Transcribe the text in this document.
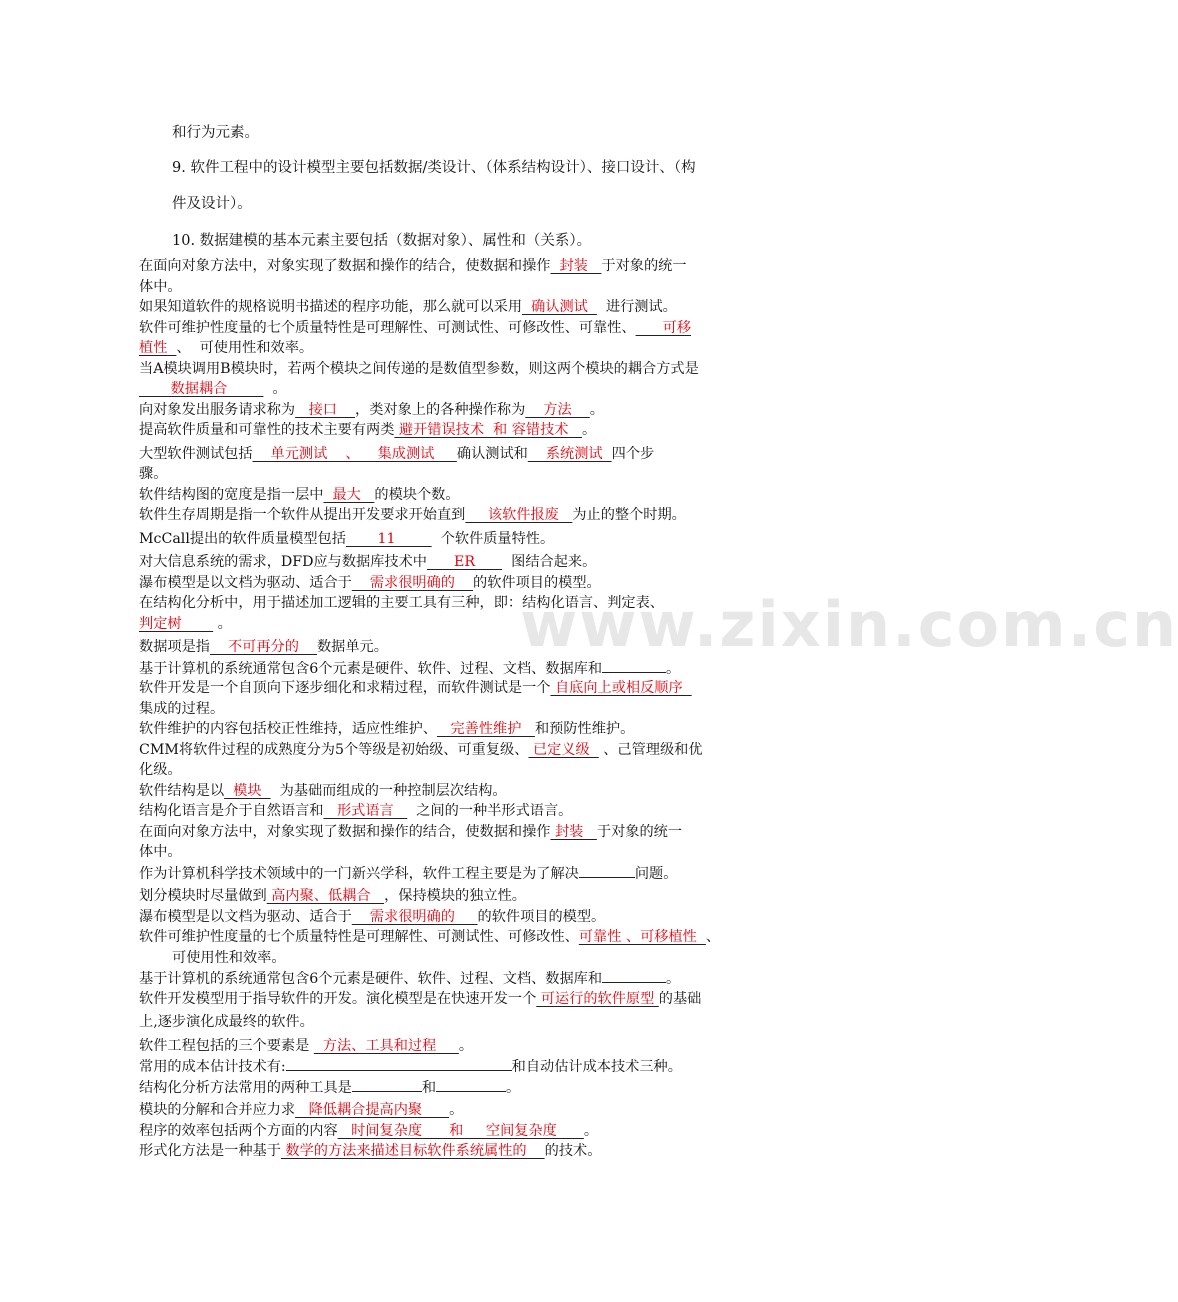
和行为元素。
9. 软件工程中的设计模型主要包括数据/类设计、（体系结构设计）、接口设计、（构
件及设计）。
10. 数据建模的基本元素主要包括（数据对象）、属性和（关系）。
www.zixin.com.cn
在面向对象方法中，对象实现了数据和操作的结合，使数据和操作  封装   于对象的统一
体中。
如果知道软件的规格说明书描述的程序功能，那么就可以采用  确认测试    进行测试。
软件可维护性度量的七个质量特性是可理解性、可测试性、可修改性、可靠性、      可移
植性  、  可使用性和效率。
当A模块调用B模块时，若两个模块之间传递的是数值型参数，则这两个模块的耦合方式是
数据耦合          。
向对象发出服务请求称为   接口    ，类对象上的各种操作称为    方法    。
提高软件质量和可靠性的技术主要有两类 避开错误技术  和 容错技术   。
大型软件测试包括    单元测试    、    集成测试     确认测试和    系统测试  四个步
骤。
软件结构图的宽度是指一层中  最大   的模块个数。
软件生存周期是指一个软件从提出开发要求开始直到     该软件报废   为止的整个时期。
McCall提出的软件质量模型包括       11          个软件质量特性。
对大信息系统的需求，DFD应与数据库技术中      ER        图结合起来。
瀑布模型是以文档为驱动、适合于    需求很明确的    的软件项目的模型。
在结构化分析中，用于描述加工逻辑的主要工具有三种，即：结构化语言、判定表、
判定树        。
数据项是指    不可再分的    数据单元。
基于计算机的系统通常包含6个元素是硬件、软件、过程、文档、数据库和	。
软件开发是一个自顶向下逐步细化和求精过程，而软件测试是一个 自底向上或相反顺序
集成的过程。
软件维护的内容包括校正性维持，适应性维护、   完善性维护   和预防性维护。
CMM将软件过程的成熟度分为5个等级是初始级、可重复级、 已定义级   、己管理级和优
化级。
软件结构是以  模块    为基础而组成的一种控制层次结构。
结构化语言是介于自然语言和   形式语言     之间的一种半形式语言。
在面向对象方法中，对象实现了数据和操作的结合，使数据和操作 封装   于对象的统一
体中。
作为计算机科学技术领域中的一门新兴学科，软件工程主要是为了解决	问题。
划分模块时尽量做到 高内聚、低耦合   ，保持模块的独立性。
瀑布模型是以文档为驱动、适合于    需求很明确的     的软件项目的模型。
软件可维护性度量的七个质量特性是可理解性、可测试性、可修改性、可靠性 、可移植性  、
可使用性和效率。
基于计算机的系统通常包含6个元素是硬件、软件、过程、文档、数据库和	。
软件开发模型用于指导软件的开发。演化模型是在快速开发一个 可运行的软件原型 的基础
上,逐步演化成最终的软件。
软件工程包括的三个要素是   方法、工具和过程     。
常用的成本估计技术有:	和自动估计成本技术三种。
结构化分析方法常用的两种工具是	和	。
模块的分解和合并应力求   降低耦合提高内聚      。
程序的效率包括两个方面的内容   时间复杂度      和     空间复杂度      。
形式化方法是一种基于 数学的方法来描述目标软件系统属性的    的技术。
